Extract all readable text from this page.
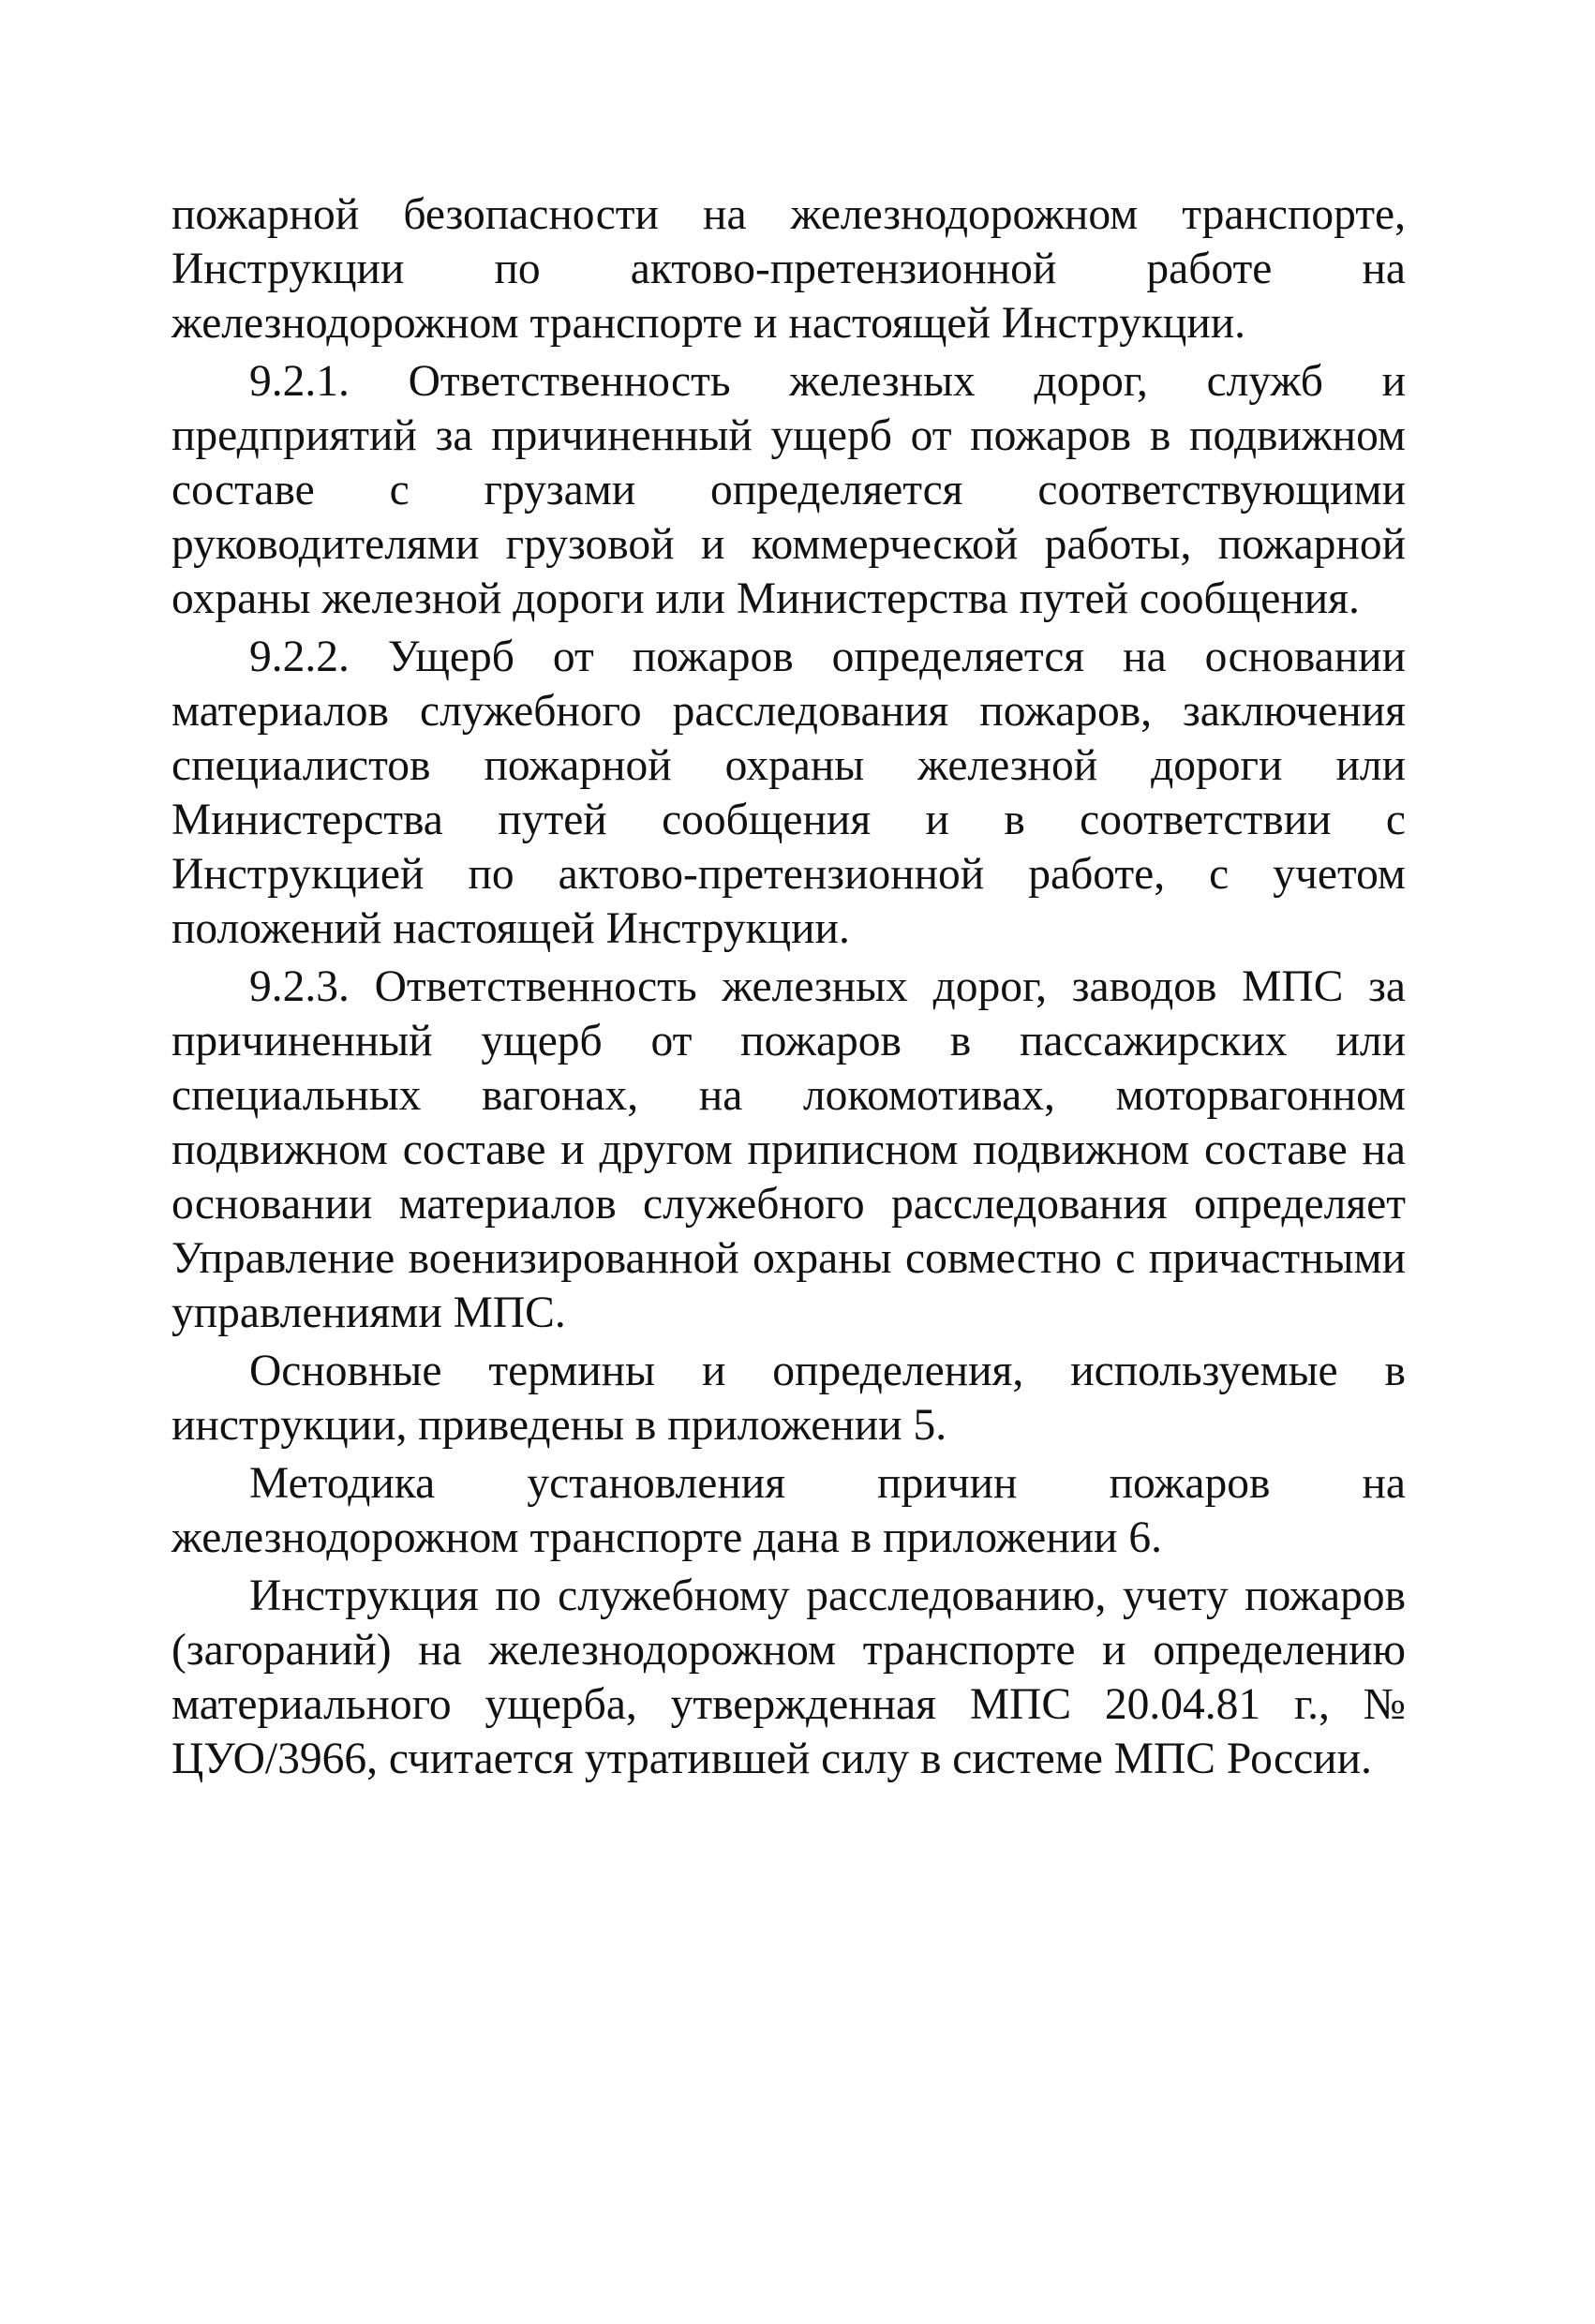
пожарной безопасности на железнодорожном транспорте, Инструкции по актово-претензионной работе на железнодорожном транспорте и настоящей Инструкции.

9.2.1. Ответственность железных дорог, служб и предприятий за причиненный ущерб от пожаров в подвижном составе с грузами определяется соответствующими руководителями грузовой и коммерческой работы, пожарной охраны железной дороги или Министерства путей сообщения.

9.2.2. Ущерб от пожаров определяется на основании материалов служебного расследования пожаров, заключения специалистов пожарной охраны железной дороги или Министерства путей сообщения и в соответствии с Инструкцией по актово-претензионной работе, с учетом положений настоящей Инструкции.

9.2.3. Ответственность железных дорог, заводов МПС за причиненный ущерб от пожаров в пассажирских или специальных вагонах, на локомотивах, моторвагонном подвижном составе и другом приписном подвижном составе на основании материалов служебного расследования определяет Управление военизированной охраны совместно с причастными управлениями МПС.

Основные термины и определения, используемые в инструкции, приведены в приложении 5.

Методика установления причин пожаров на железнодорожном транспорте дана в приложении 6.

Инструкция по служебному расследованию, учету пожаров (загораний) на железнодорожном транспорте и определению материального ущерба, утвержденная МПС 20.04.81 г., № ЦУО/3966, считается утратившей силу в системе МПС России.
